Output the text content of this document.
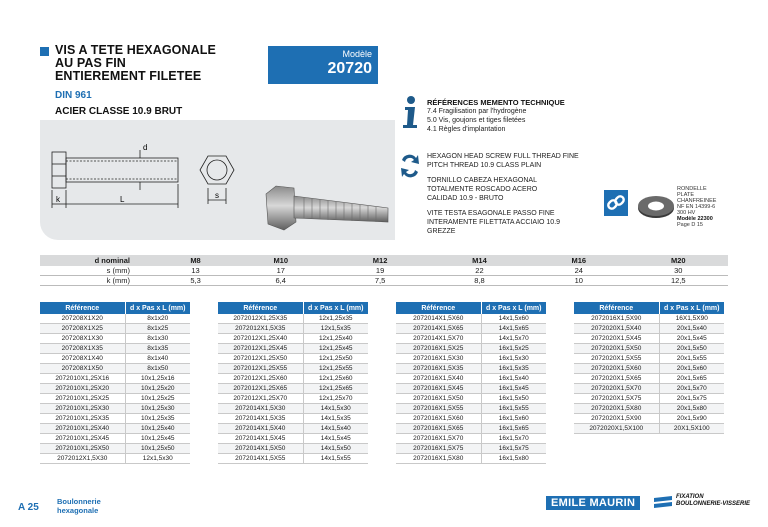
VIS A TETE HEXAGONALE
AU PAS FIN
ENTIEREMENT FILETEE
DIN 961
ACIER CLASSE 10.9 BRUT
Modèle
20720
d
k	L	s
RÉFÉRENCES MEMENTO TECHNIQUE
7.4 Fragilisation par l'hydrogène
5.0 Vis, goujons et tiges filetées
4.1 Règles d'implantation
HEXAGON HEAD SCREW FULL THREAD FINE
PITCH THREAD 10.9 CLASS PLAIN
TORNILLO CABEZA HEXAGONAL
TOTALMENTE ROSCADO ACERO
CALIDAD 10.9 - BRUTO
VITE TESTA ESAGONALE PASSO FINE
INTERAMENTE FILETTATA ACCIAIO 10.9
GREZZE
RONDELLE
PLATE
CHANFREINEE
NF EN 14399-6
300 HV
Modèle 22300
Page D 15
d nominal	M8	M10	M12	M14	M16	M20
s (mm)	13	17	19	22	24	30
k (mm)	5,3	6,4	7,5	8,8	10	12,5
Référence	d x Pas x L (mm)
207208X1X20	8x1x20
207208X1X25	8x1x25
207208X1X30	8x1x30
207208X1X35	8x1x35
207208X1X40	8x1x40
207208X1X50	8x1x50
2072010X1,25X16	10x1,25x16
2072010X1,25X20	10x1,25x20
2072010X1,25X25	10x1,25x25
2072010X1,25X30	10x1,25x30
2072010X1,25X35	10x1,25x35
2072010X1,25X40	10x1,25x40
2072010X1,25X45	10x1,25x45
2072010X1,25X50	10x1,25x50
2072012X1,5X30	12x1,5x30
Référence	d x Pas x L (mm)
2072012X1,25X35	12x1,25x35
2072012X1,5X35	12x1,5x35
2072012X1,25X40	12x1,25x40
2072012X1,25X45	12x1,25x45
2072012X1,25X50	12x1,25x50
2072012X1,25X55	12x1,25x55
2072012X1,25X60	12x1,25x60
2072012X1,25X65	12x1,25x65
2072012X1,25X70	12x1,25x70
2072014X1,5X30	14x1,5x30
2072014X1,5X35	14x1,5x35
2072014X1,5X40	14x1,5x40
2072014X1,5X45	14x1,5x45
2072014X1,5X50	14x1,5x50
2072014X1,5X55	14x1,5x55
Référence	d x Pas x L (mm)
2072014X1,5X60	14x1,5x60
2072014X1,5X65	14x1,5x65
2072014X1,5X70	14x1,5x70
2072016X1,5X25	16x1,5x25
2072016X1,5X30	16x1,5x30
2072016X1,5X35	16x1,5x35
2072016X1,5X40	16x1,5x40
2072016X1,5X45	16x1,5x45
2072016X1,5X50	16x1,5x50
2072016X1,5X55	16x1,5x55
2072016X1,5X60	16x1,5x60
2072016X1,5X65	16x1,5x65
2072016X1,5X70	16x1,5x70
2072016X1,5X75	16x1,5x75
2072016X1,5X80	16x1,5x80
Référence	d x Pas x L (mm)
2072016X1,5X90	16X1,5X90
2072020X1,5X40	20x1,5x40
2072020X1,5X45	20x1,5x45
2072020X1,5X50	20x1,5x50
2072020X1,5X55	20x1,5x55
2072020X1,5X60	20x1,5x60
2072020X1,5X65	20x1,5x65
2072020X1,5X70	20x1,5x70
2072020X1,5X75	20x1,5x75
2072020X1,5X80	20x1,5x80
2072020X1,5X90	20x1,5x90
2072020X1,5X100	20X1,5X100
A 25
Boulonnerie
hexagonale
EMILE MAURIN	FIXATION
BOULONNERIE-VISSERIE
